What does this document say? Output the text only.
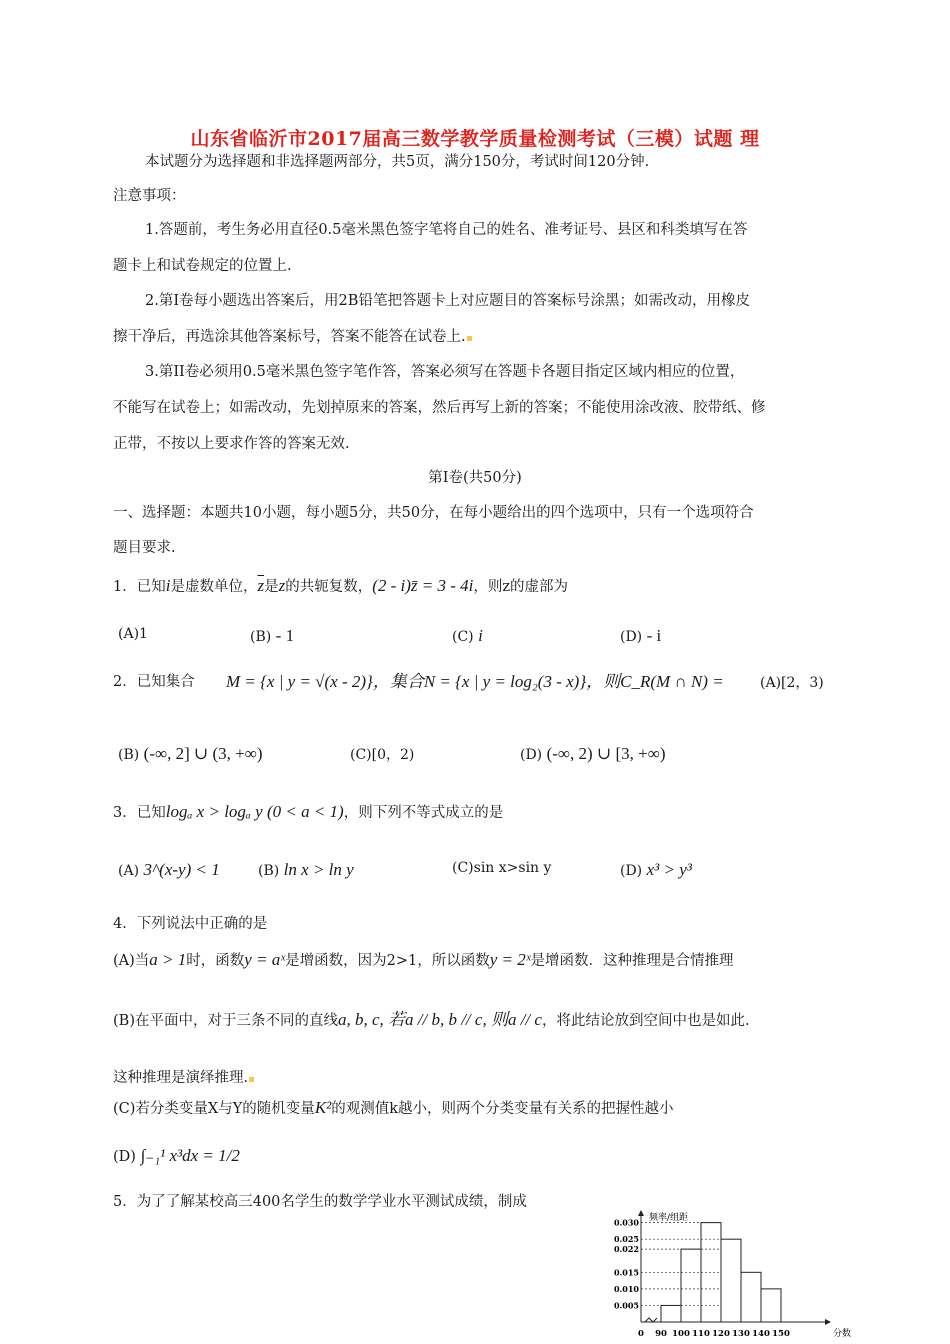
山东省临沂市2017届高三数学教学质量检测考试（三模）试题 理
本试题分为选择题和非选择题两部分，共5页，满分150分，考试时间120分钟.
注意事项：
1.答题前，考生务必用直径0.5毫米黑色签字笔将自己的姓名、准考证号、县区和科类填写在答
题卡上和试卷规定的位置上.
2.第I卷每小题选出答案后，用2B铅笔把答题卡上对应题目的答案标号涂黑；如需改动，用橡皮
擦干净后，再选涂其他答案标号，答案不能答在试卷上.
3.第II卷必须用0.5毫米黑色签字笔作答，答案必须写在答题卡各题目指定区域内相应的位置，
不能写在试卷上；如需改动，先划掉原来的答案，然后再写上新的答案；不能使用涂改液、胶带纸、修
正带，不按以上要求作答的答案无效.
第I卷(共50分)
一、选择题：本题共10小题，每小题5分，共50分，在每小题给出的四个选项中，只有一个选项符合
题目要求.
1．已知i是虚数单位，$\overline{z}$是z的共轭复数，(2 - i)z̄ = 3 - 4i，则z的虚部为
(A)1	(B) - 1	(C) i	(D) - i
2．已知集合 M = {x | y = √(x - 2)}，集合N = {x | y = log₂(3 - x)}，则C_R(M ∩ N) =	(A)[2，3)
(B) (-∞, 2] ∪ (3, +∞)	(C)[0，2)	(D) (-∞, 2) ∪ [3, +∞)
3．已知logₐ x > logₐ y (0 < a < 1)，则下列不等式成立的是
(A) 3^(x-y) < 1	(B) ln x > ln y	(C)sin x>sin y	(D) x³ > y³
4．下列说法中正确的是
(A)当a > 1时，函数y = aˣ是增函数，因为2>1，所以函数y = 2ˣ是增函数．这种推理是合情推理
(B)在平面中，对于三条不同的直线a, b, c, 若a // b, b // c, 则a // c，将此结论放到空间中也是如此.
这种推理是演绎推理.
(C)若分类变量X与Y的随机变量K²的观测值k越小，则两个分类变量有关系的把握性越小
(D) ∫₋₁¹ x³dx = 1/2
5．为了了解某校高三400名学生的数学学业水平测试成绩，制成
频率/组距
分数
0.005
0.010
0.015
0.022
0.025
0.030
0 90 100 110 120 130 140 150
